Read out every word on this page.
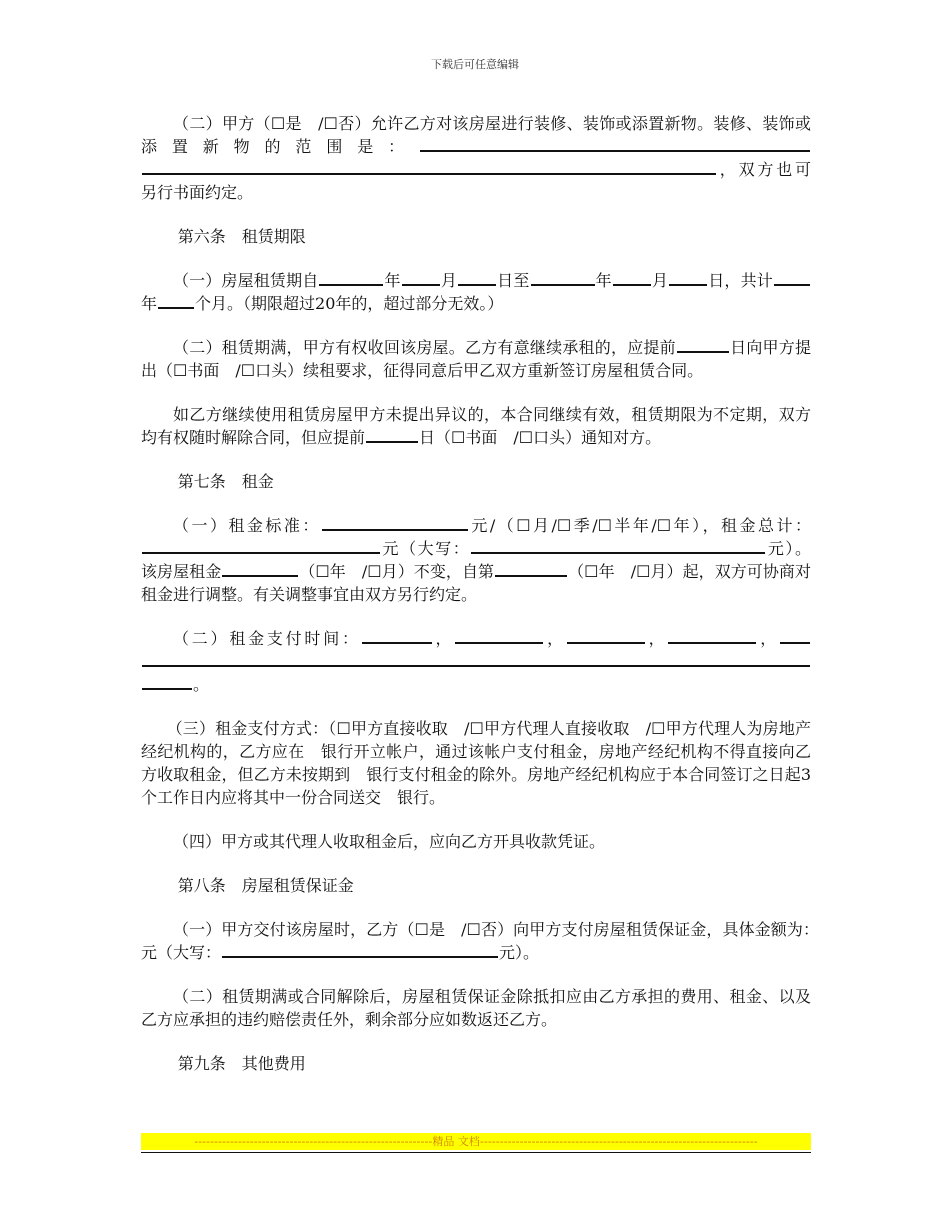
下载后可任意编辑

（二）甲方（☐是　/☐否）允许乙方对该房屋进行装修、装饰或添置新物。装修、装饰或添置新物的范围是：，双方也可另行书面约定。

第六条　租赁期限

（一）房屋租赁期自	年	月	日至	年	月	日，共计年 个月。（期限超过20年的，超过部分无效。）

（二）租赁期满，甲方有权收回该房屋。乙方有意继续承租的，应提前	日向甲方提出（☐书面　/☐口头）续租要求，征得同意后甲乙双方重新签订房屋租赁合同。

如乙方继续使用租赁房屋甲方未提出异议的，本合同继续有效，租赁期限为不定期，双方均有权随时解除合同，但应提前	日（☐书面　/☐口头）通知对方。

第七条　租金

（一）租金标准：	元/（☐月/☐季/☐半年/☐年），租金总计：元（大写：	元）。该房屋租金	（☐年　/☐月）不变，自第	（☐年　/☐月）起，双方可协商对租金进行调整。有关调整事宜由双方另行约定。

（二）租金支付时间：	，	，	，	，。

（三）租金支付方式：（☐甲方直接收取　/☐甲方代理人直接收取　/☐甲方代理人为房地产经纪机构的，乙方应在　银行开立帐户，通过该帐户支付租金，房地产经纪机构不得直接向乙方收取租金，但乙方未按期到　银行支付租金的除外。房地产经纪机构应于本合同签订之日起3个工作日内应将其中一份合同送交　银行。

（四）甲方或其代理人收取租金后，应向乙方开具收款凭证。

第八条　房屋租赁保证金

（一）甲方交付该房屋时，乙方（☐是　/☐否）向甲方支付房屋租赁保证金，具体金额为：　元（大写：	元）。

（二）租赁期满或合同解除后，房屋租赁保证金除抵扣应由乙方承担的费用、租金、以及乙方应承担的违约赔偿责任外，剩余部分应如数返还乙方。

第九条　其他费用

------------------------------------------------------------精品 文档----------------------------------------------------------------------
